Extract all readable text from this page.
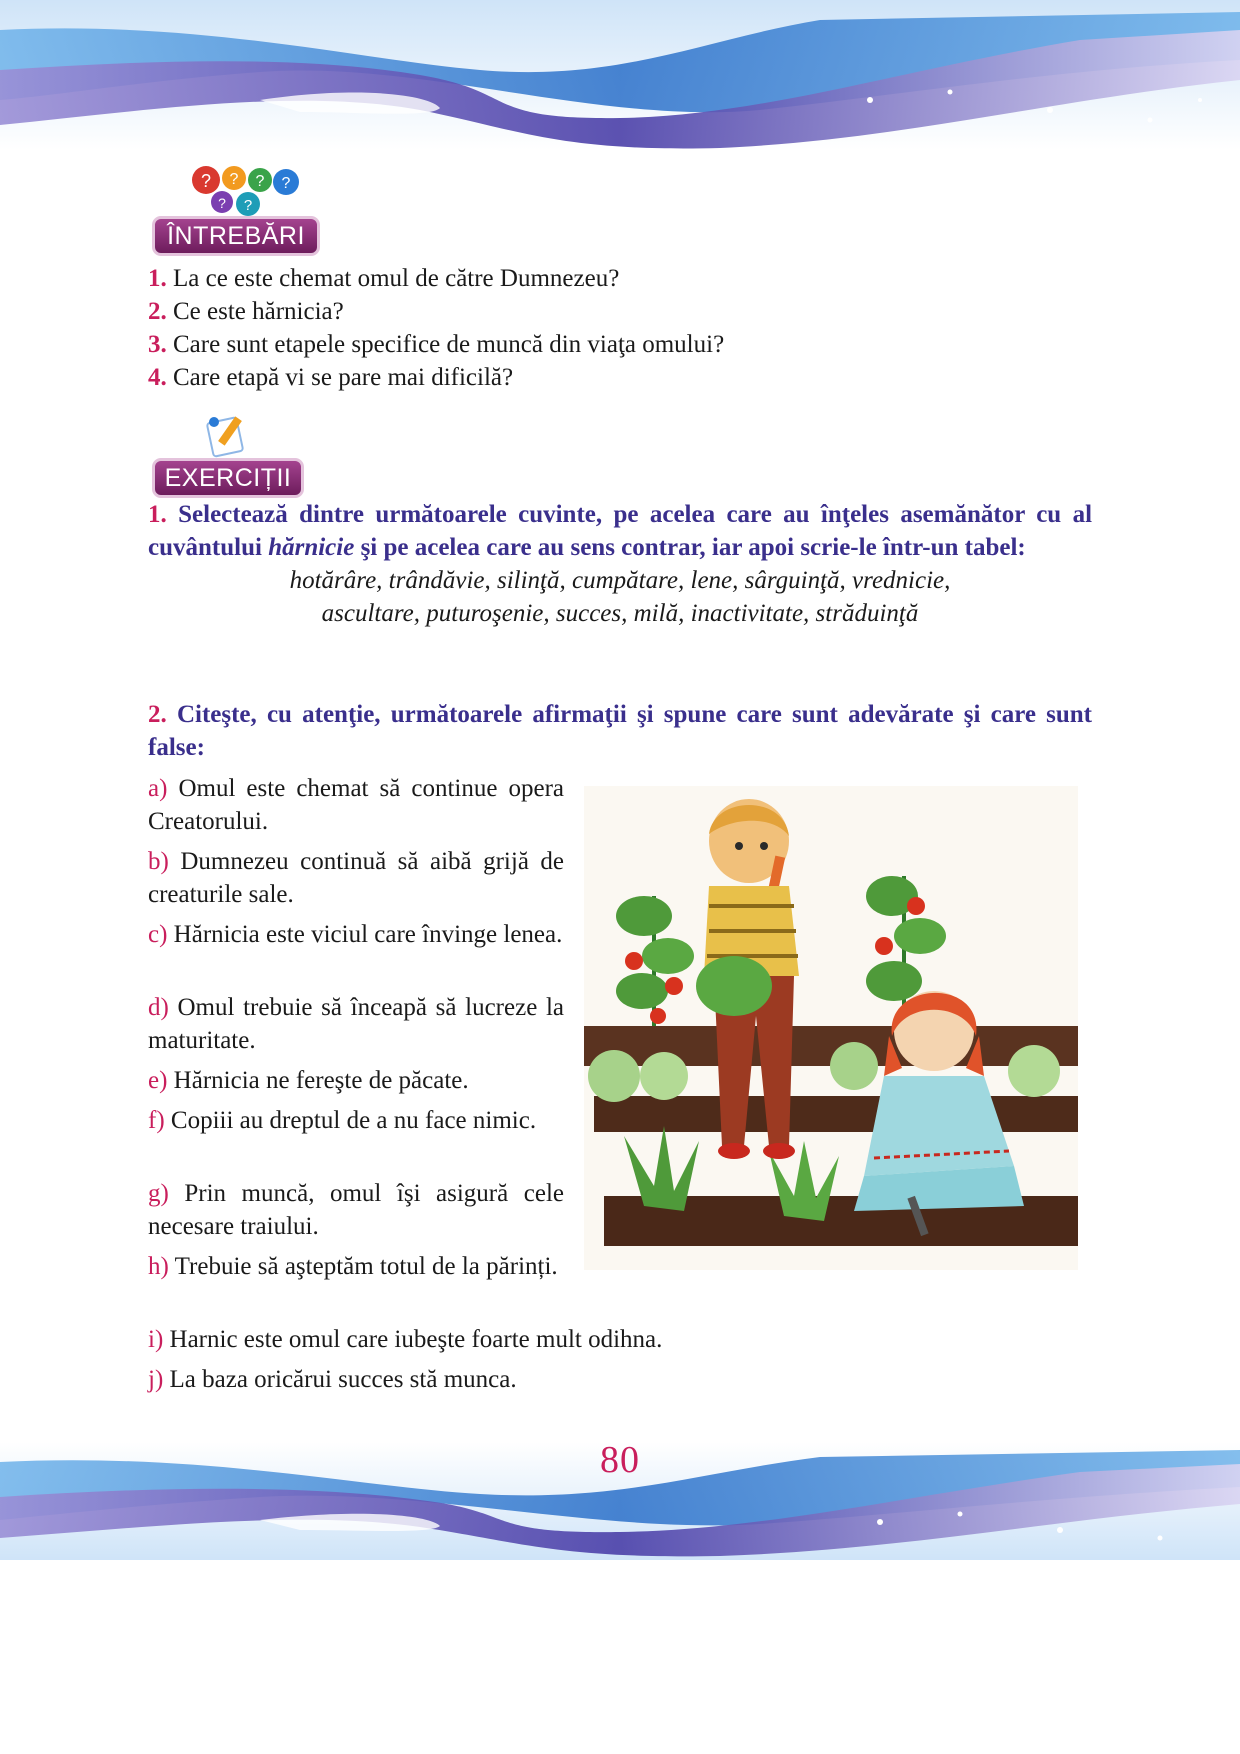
? ? ? ?
? ?
ÎNTREBĂRI
1. La ce este chemat omul de către Dumnezeu?
2. Ce este hărnicia?
3. Care sunt etapele specifice de muncă din viaţa omului?
4. Care etapă vi se pare mai dificilă?
EXERCIȚII
1. Selectează dintre următoarele cuvinte, pe acelea care au înţeles asemănător cu al cuvântului hărnicie şi pe acelea care au sens contrar, iar apoi scrie-le într-un tabel:
hotărâre, trândăvie, silinţă, cumpătare, lene, sârguinţă, vrednicie,
ascultare, puturoşenie, succes, milă, inactivitate, străduinţă
2. Citeşte, cu atenţie, următoarele afirmaţii şi spune care sunt adevărate şi care sunt false:
a) Omul este chemat să continue opera Creatorului.
b) Dumnezeu continuă să aibă grijă de creaturile sale.
c) Hărnicia este viciul care învinge lenea.
d) Omul trebuie să înceapă să lucreze la maturitate.
e) Hărnicia ne fereşte de păcate.
f) Copiii au dreptul de a nu face nimic.
g) Prin muncă, omul îşi asigură cele necesare traiului.
h) Trebuie să aşteptăm totul de la părinți.
i) Harnic este omul care iubeşte foarte mult odihna.
j) La baza oricărui succes stă munca.
80
